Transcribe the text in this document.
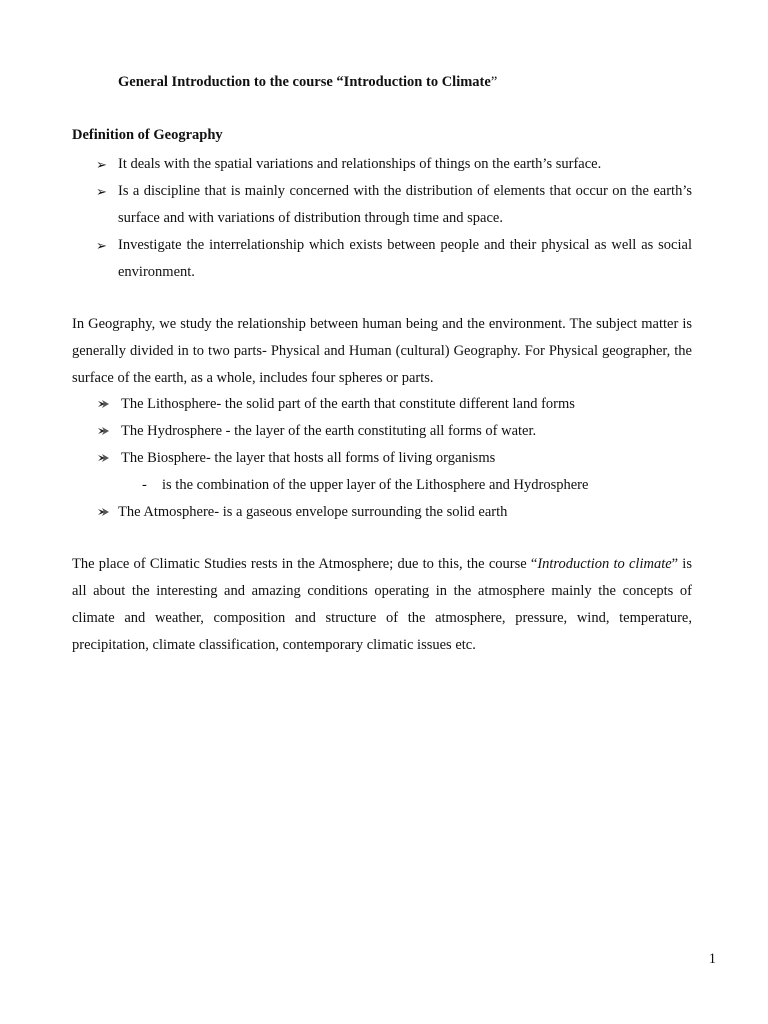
General Introduction to the course “Introduction to Climate”
Definition of Geography
➢ It deals with the spatial variations and relationships of things on the earth’s surface.
➢ Is a discipline that is mainly concerned with the distribution of elements that occur on the earth’s surface and with variations of distribution through time and space.
➢ Investigate the interrelationship which exists between people and their physical as well as social environment.

In Geography, we study the relationship between human being and the environment. The subject matter is generally divided in to two parts- Physical and Human (cultural) Geography. For Physical geographer, the surface of the earth, as a whole, includes four spheres or parts.

The Lithosphere- the solid part of the earth that constitute different land forms
The Hydrosphere - the layer of the earth constituting all forms of water.
The Biosphere- the layer that hosts all forms of living organisms
- is the combination of the upper layer of the Lithosphere and Hydrosphere
The Atmosphere- is a gaseous envelope surrounding the solid earth

The place of Climatic Studies rests in the Atmosphere; due to this, the course “Introduction to climate” is all about the interesting and amazing conditions operating in the atmosphere mainly the concepts of climate and weather, composition and structure of the atmosphere, pressure, wind, temperature, precipitation, climate classification, contemporary climatic issues etc.

1
